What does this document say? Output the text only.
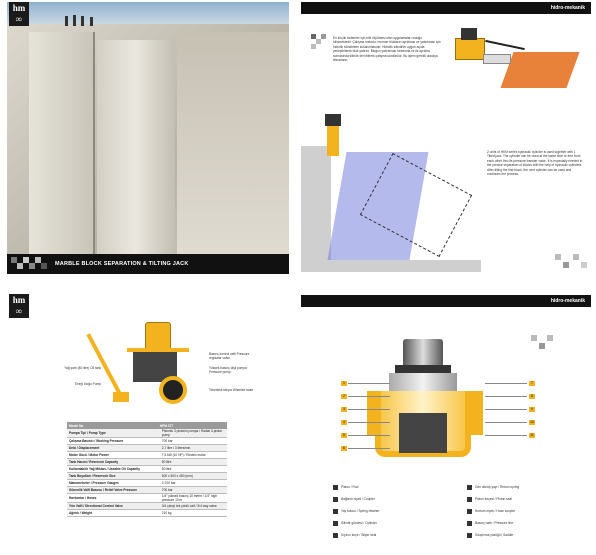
hm
∞
MARBLE BLOCK SEPARATION & TILTING JACK
hidro-mekanik
En küçük sistemler için bile ölçülmesi olan uygulamaları olduğu bilinmektedir. Çalışma metodu, mermer blokların ayrılması ve yatırılması için hidrolik silindirlerin kullanılmasıdır. Hidrolik silindirler uygun açıda yerleştirilerek blok yatırılır. Bloğun yatırılması sırasında ve ilk ayrılma sonrasında silindir ileri itilerek çalışma sürdürülür. Bu işlem gerekli oldukça tekrarlanır.
2 units of HKM series hydraulic cylinder is used together with 1 Tilted jack. The cylinder can be used at the same time or free from each other thru its pressure transfer valve. It is especially needed in the precise separation of blocks with the help of hydraulic cylinders. After tilting the first block, the next cylinder can be used and continues the process.
hm
∞
Yağ şartı (80 litre) Oil tank
Enerji bloğu Pump
Basınç kontrol valfi Pressure regulator valve
Yüksek basınç dişli pompa Pressure pump
Tekerlekli sehpa Wheeled base
Model No	HPM 377
Pompa Tipi / Pump Type	Pistonlu 3 pistonlu pompa / Radial 3-piston pump
Çalışma Basıncı / Working Pressure	700 bar
Debi / Displacement	2,7 litre / 3 liters/min
Motor Gücü / Motor Power	7,5 kW (10 HP) / Electric motor
Tank Hacmi / Reservoir Capacity	80 litre
Kullanılabilir Yağ Miktarı / Useable Oil Capacity	60 litre
Tank Boyutları / Reservoir Size	600 x 500 x 450 (mm)
Manometreler / Pressure Gauges	0-700 bar
Güvenlik Valfi Basıncı / Relief Valve Pressure	700 bar
Hortumlar / Hoses	1/4" yüksek basınç 10 metre / 1/4" high pressure 10 m
Yön Valfi / Directional Control Valve	3/4 çıkışlı tek yönlü valf / 3/4 way valve
Ağırlık / Weight	210 kg
hidro-mekanik
Piston / Rod
Bağlantı nipeli / Coupler
Yay tutucu / Spring retainer
Silindir gövdesi / Cylinder
Sıyırıcı keçe / Wiper seal
Geri dönüş yayı / Return spring
Piston keçesi / Piston seal
Hortum nipeli / Hose coupler
Basınç hattı / Pressure line
Sıkıştırma yüzüğü / Saddle
1
2
3
4
5
6
7
8
9
10
11
